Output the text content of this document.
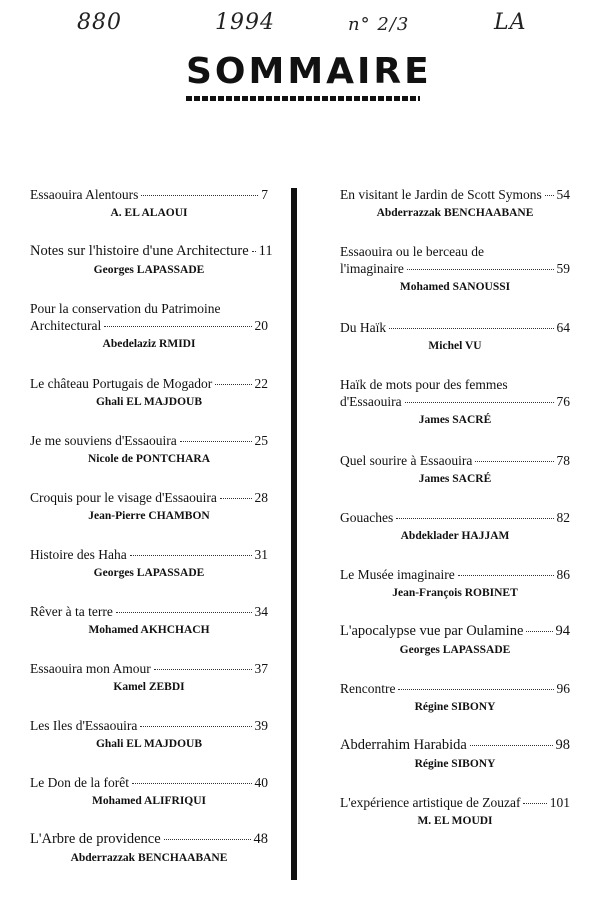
880	1994	n° 2/3	LA
SOMMAIRE
Essaouira Alentours	7
A. EL ALAOUI
Notes sur l'histoire d'une Architecture 11
Georges LAPASSADE
Pour la conservation du Patrimoine
Architectural	20
Abedelaziz RMIDI
Le château Portugais de Mogador	22
Ghali EL MAJDOUB
Je me souviens d'Essaouira	25
Nicole de PONTCHARA
Croquis pour le visage d'Essaouira	28
Jean-Pierre CHAMBON
Histoire des Haha	31
Georges LAPASSADE
Rêver à ta terre	34
Mohamed AKHCHACH
Essaouira mon Amour	37
Kamel ZEBDI
Les Iles d'Essaouira	39
Ghali EL MAJDOUB
Le Don de la forêt	40
Mohamed ALIFRIQUI
L'Arbre de providence	48
Abderrazzak BENCHAABANE
En visitant le Jardin de Scott Symons 54
Abderrazzak BENCHAABANE
Essaouira ou le berceau de
l'imaginaire	59
Mohamed SANOUSSI
Du Haïk	64
Michel VU
Haïk de mots pour des femmes
d'Essaouira	76
James SACRÉ
Quel sourire à Essaouira	78
James SACRÉ
Gouaches	82
Abdeklader HAJJAM
Le Musée imaginaire	86
Jean-François ROBINET
L'apocalypse vue par Oulamine 94
Georges LAPASSADE
Rencontre	96
Régine SIBONY
Abderrahim Harabida	98
Régine SIBONY
L'expérience artistique de Zouzaf 101
M. EL MOUDI
